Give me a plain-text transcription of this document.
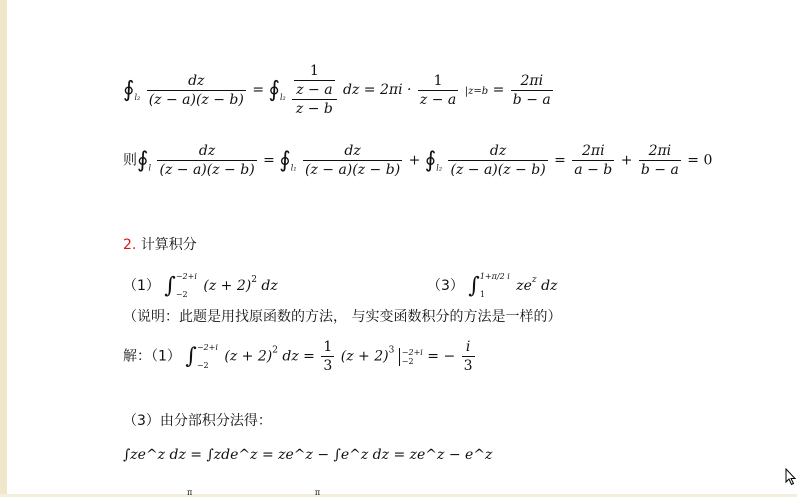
$∮_{l_2} \frac{dz}{(z - a)(z - b)}$ = $∮_{l_2} \frac{\frac{1}{z - a}}{z - b}$ dz = $2\pi i \cdot \frac{1}{z - a} |z=b = \frac{2\pi i}{b - a}$
则$∮_l \frac{dz}{(z - a)(z - b)}$ = $∮_{l_1} \frac{dz}{(z - a)(z - b)}$ + $∮_{l_2} \frac{dz}{(z - a)(z - b)} = \frac{2\pi i}{a - b} + \frac{2\pi i}{b - a} = 0$
2. 计算积分
（1） ∫ −2+i
−2
$(z + 2)^2$ dz	（3） ∫ 1+π/2 i
1
$ze^z$ dz
（说明：此题是用找原函数的方法， 与实变函数积分的方法是一样的）
解：（1） ∫ −2+i
−2
$(z + 2)^2$ dz = $\frac{1}{3} (z + 2)^3 -2+i$
−2 = − $\frac{i}{3}$
（3）由分部积分法得：
∫ze^z dz = ∫zde^z = ze^z − ∫e^z dz = ze^z − e^z
π	π
